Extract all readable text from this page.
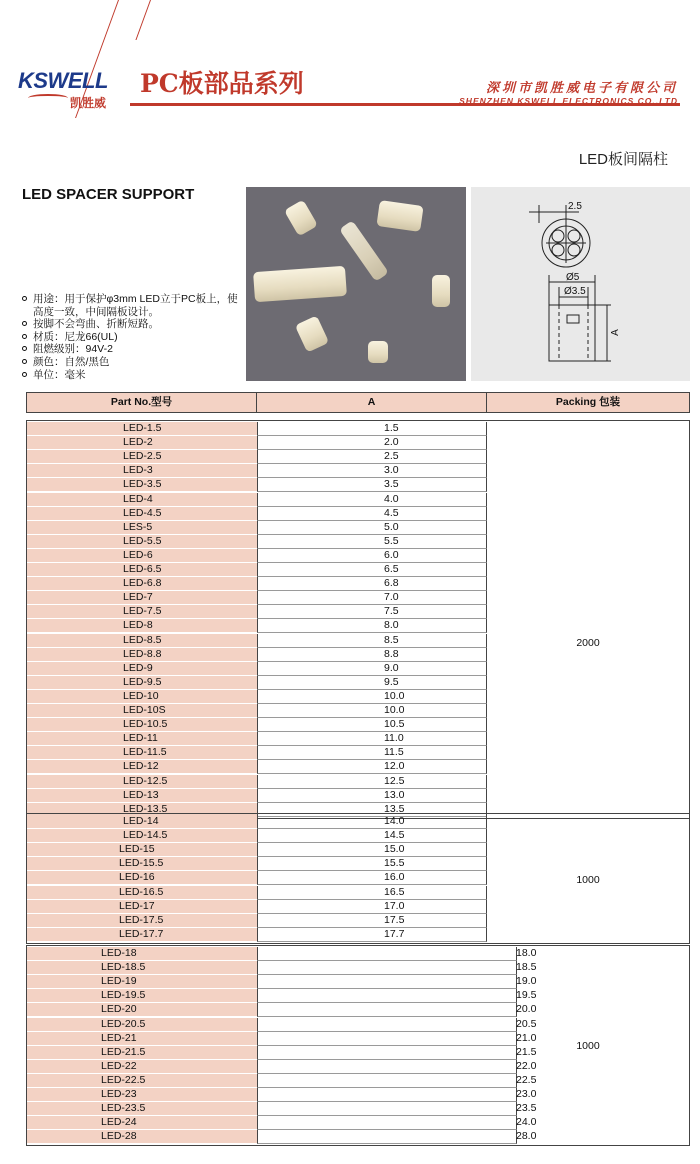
KSWELL
凯胜威
PC板部品系列	深圳市凯胜威电子有限公司
SHENZHEN KSWELL ELECTRONICS CO.,LTD
LED板间隔柱
LED SPACER SUPPORT
用途：用于保护φ3mm LED立于PC板上，使高度一致，中间隔板设计。
按脚不会弯曲、折断短路。
材质：尼龙66(UL)
阻燃级别：94V-2
颜色：自然/黑色
单位：毫米
2.5
Ø5
Ø3.5
A
Part No.型号	A	Packing 包装
LED-1.5	1.5
LED-2	2.0
LED-2.5	2.5
LED-3	3.0
LED-3.5	3.5
LED-4	4.0
LED-4.5	4.5
LES-5	5.0
LED-5.5	5.5
LED-6	6.0
LED-6.5	6.5
LED-6.8	6.8
LED-7	7.0
LED-7.5	7.5
LED-8	8.0
LED-8.5	8.5
LED-8.8	8.8
LED-9	9.0
LED-9.5	9.5
LED-10	10.0
LED-10S	10.0
LED-10.5	10.5
LED-11	11.0
LED-11.5	11.5
LED-12	12.0
LED-12.5	12.5
LED-13	13.0
LED-13.5	13.5
2000
LED-14	14.0
LED-14.5	14.5
LED-15	15.0
LED-15.5	15.5
LED-16	16.0
LED-16.5	16.5
LED-17	17.0
LED-17.5	17.5
LED-17.7	17.7
1000
LED-18	18.0
LED-18.5	18.5
LED-19	19.0
LED-19.5	19.5
LED-20	20.0
LED-20.5	20.5
LED-21	21.0
LED-21.5	21.5
LED-22	22.0
LED-22.5	22.5
LED-23	23.0
LED-23.5	23.5
LED-24	24.0
LED-28	28.0
1000
